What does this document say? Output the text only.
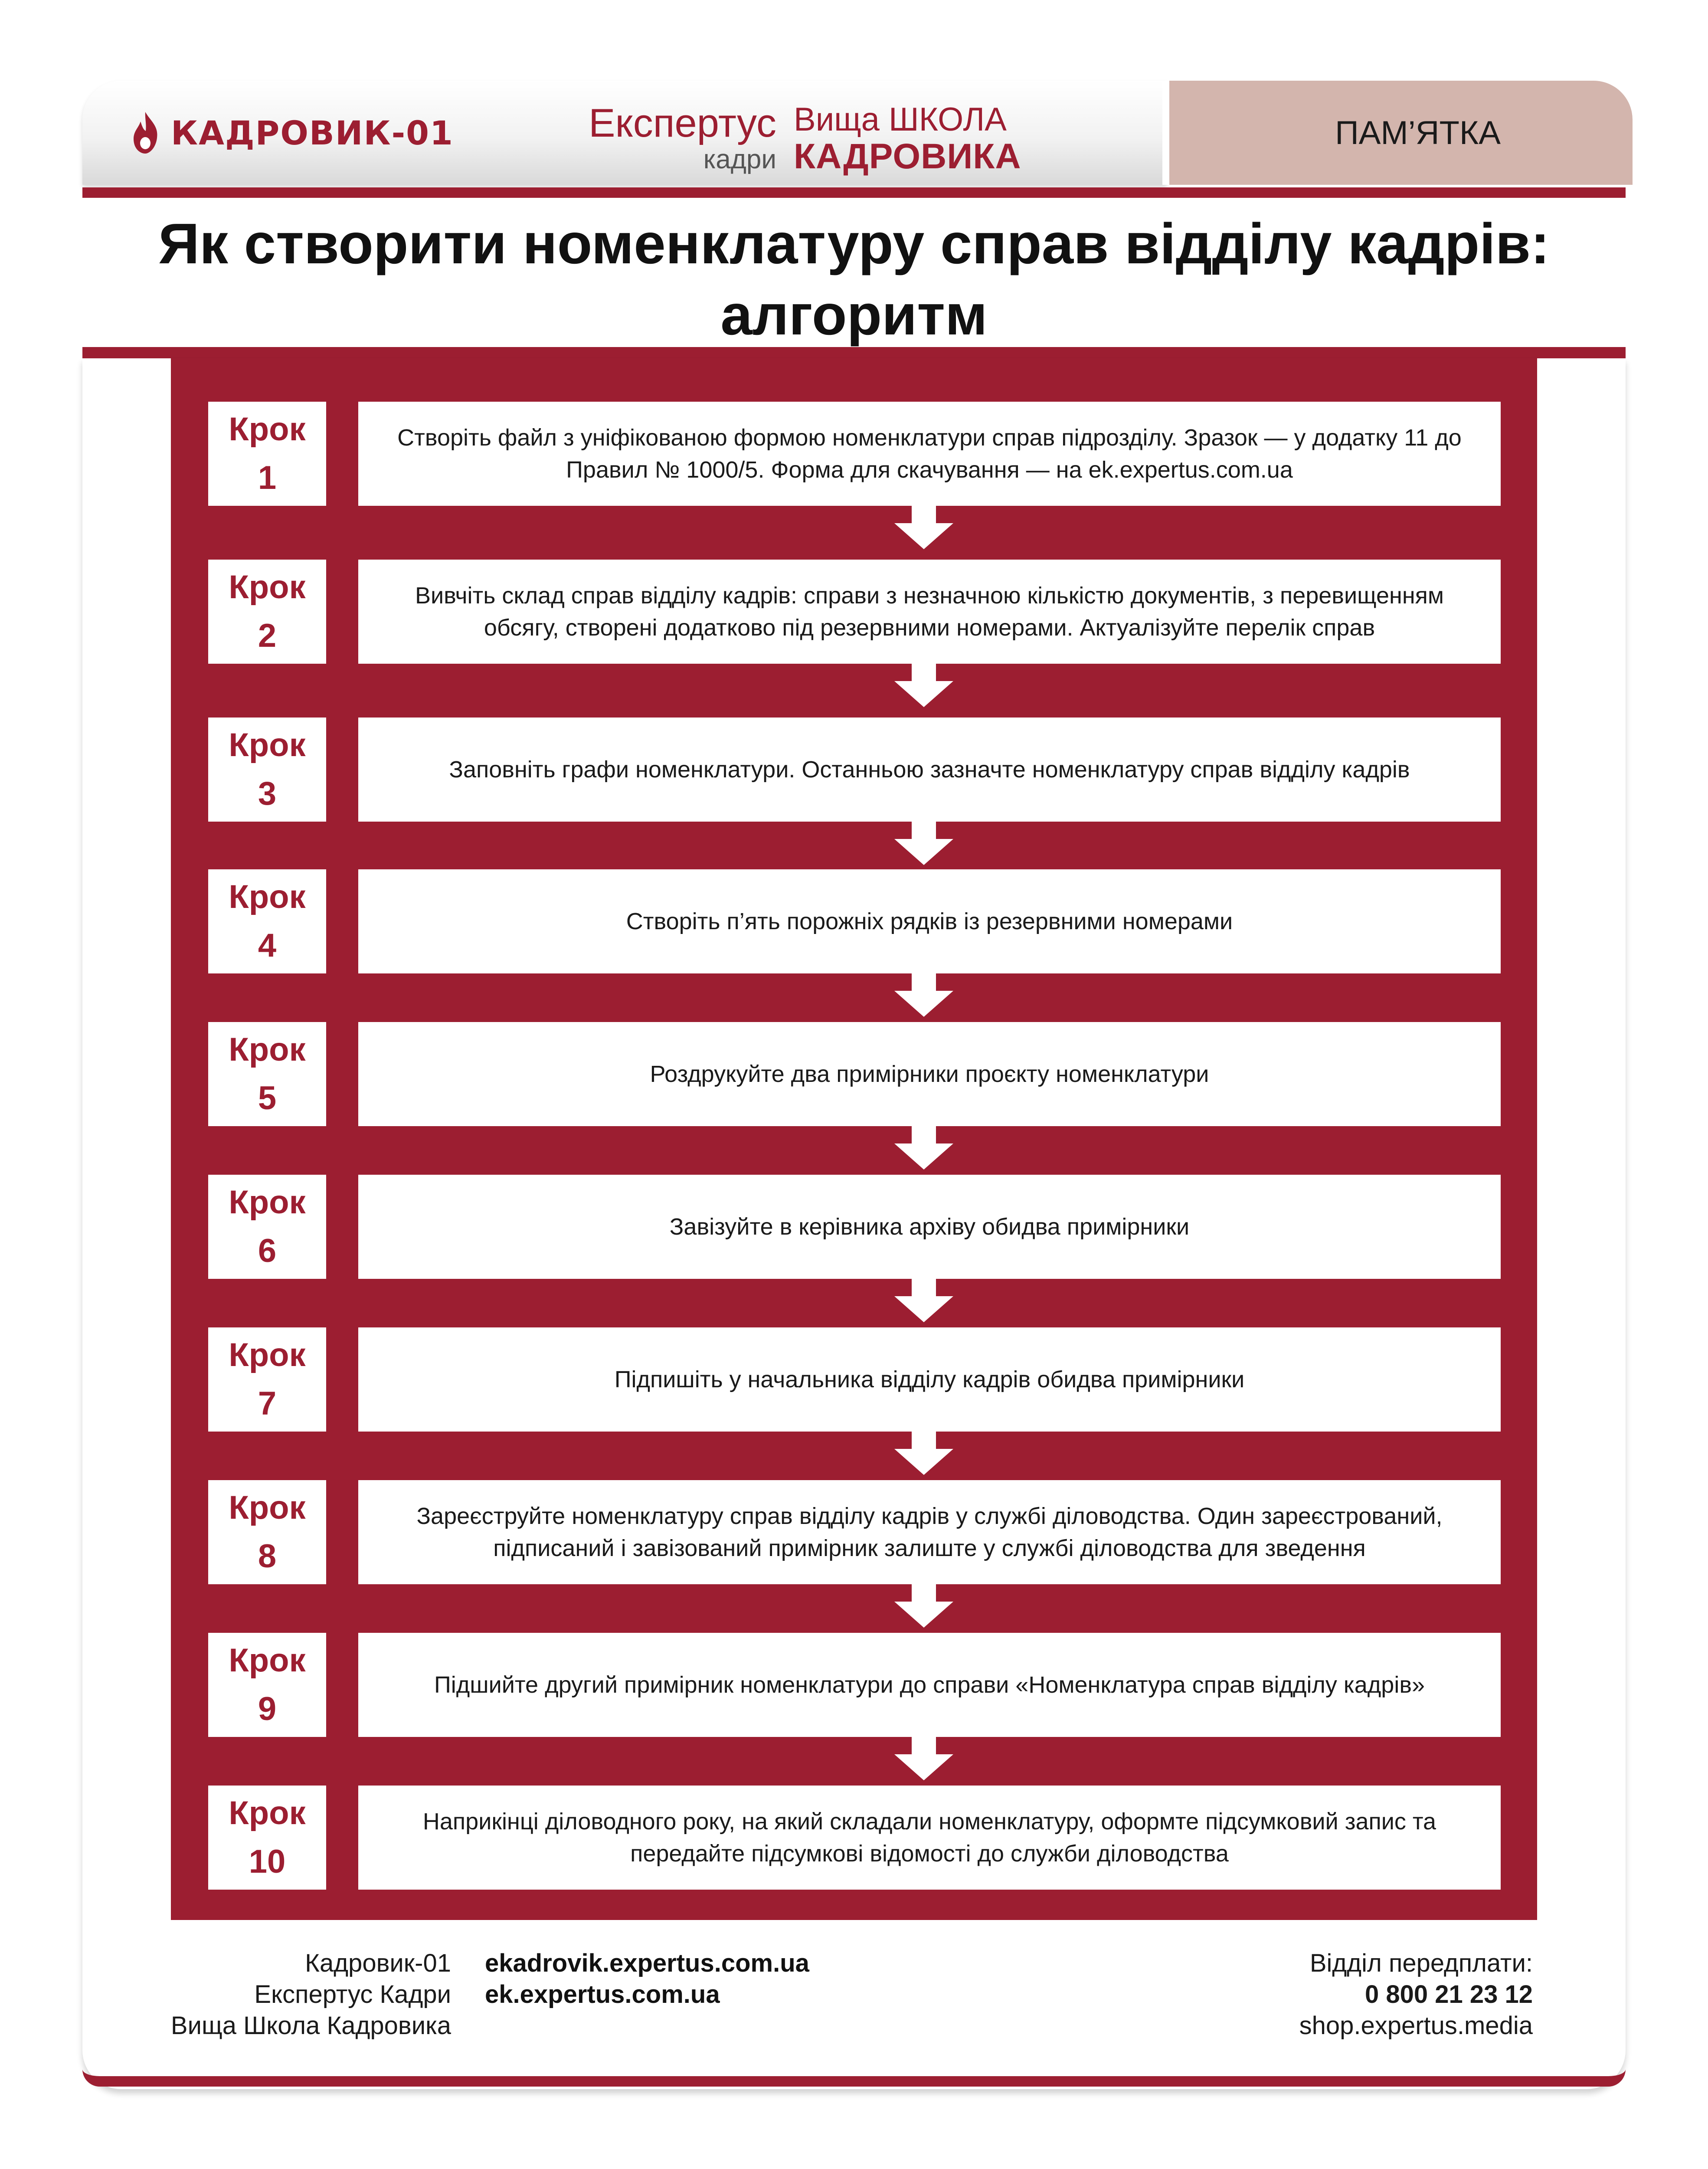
КАДРОВИК-01	Експертус
кадри
Вища ШКОЛА
КАДРОВИКА
ПАМ’ЯТКА
Як створити номенклатуру справ відділу кадрів:
алгоритм
Крок
1
Створіть файл з уніфікованою формою номенклатури справ підрозділу. Зразок — у додатку 11 до Правил № 1000/5. Форма для скачування — на ek.expertus.com.ua
Крок
2
Вивчіть склад справ відділу кадрів: справи з незначною кількістю документів, з перевищенням обсягу, створені додатково під резервними номерами. Актуалізуйте перелік справ
Крок
3
Заповніть графи номенклатури. Останньою зазначте номенклатуру справ відділу кадрів
Крок
4
Створіть п’ять порожніх рядків із резервними номерами
Крок
5
Роздрукуйте два примірники проєкту номенклатури
Крок
6
Завізуйте в керівника архіву обидва примірники
Крок
7
Підпишіть у начальника відділу кадрів обидва примірники
Крок
8
Зареєструйте номенклатуру справ відділу кадрів у службі діловодства. Один зареєстрований, підписаний і завізований примірник залиште у службі діловодства для зведення
Крок
9
Підшийте другий примірник номенклатури до справи «Номенклатура справ відділу кадрів»
Крок
10
Наприкінці діловодного року, на який складали номенклатуру, оформте підсумковий запис та передайте підсумкові відомості до служби діловодства
Кадровик-01
Експертус Кадри
Вища Школа Кадровика
ekadrovik.expertus.com.ua
ek.expertus.com.ua
Відділ передплати:
0 800 21 23 12
shop.expertus.media
